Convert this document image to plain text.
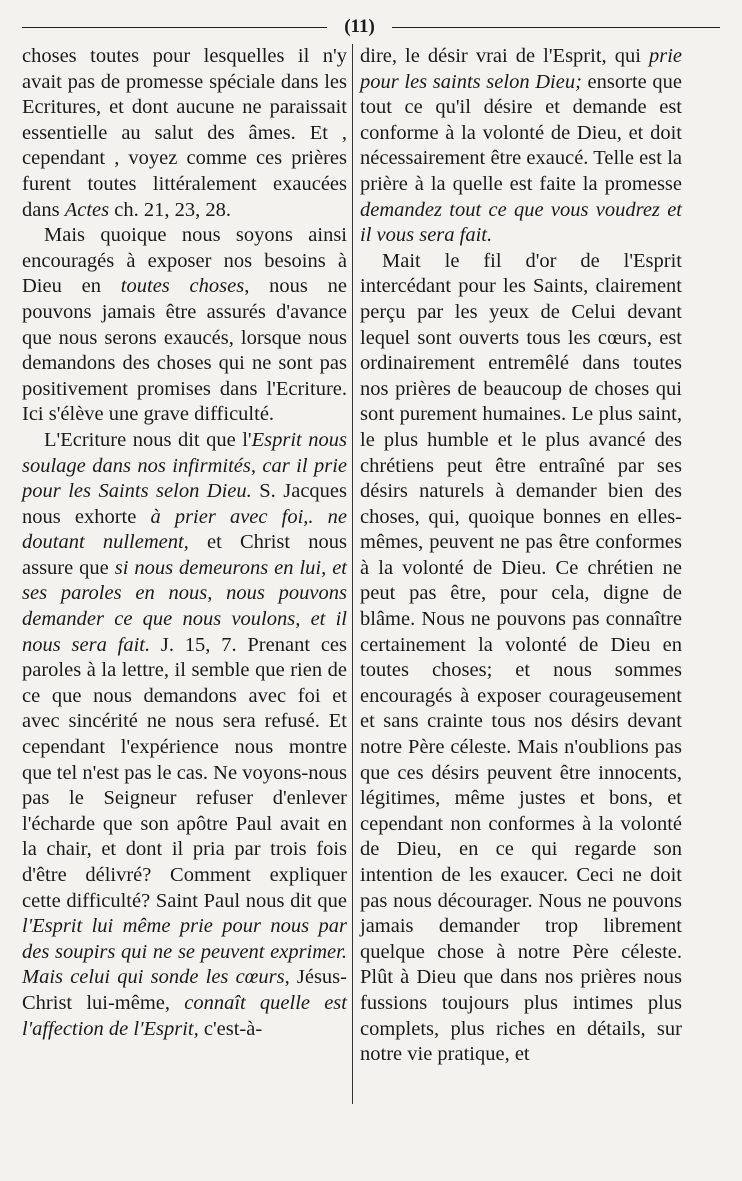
(11)

choses toutes pour lesquelles il n'y avait pas de promesse spéciale dans les Ecritures, et dont aucune ne paraissait essentielle au salut des âmes. Et , cependant , voyez comme ces prières furent toutes littéralement exaucées dans Actes ch. 21, 23, 28.

Mais quoique nous soyons ainsi encouragés à exposer nos besoins à Dieu en toutes choses, nous ne pouvons jamais être assurés d'avance que nous serons exaucés, lorsque nous demandons des choses qui ne sont pas positivement promises dans l'Ecriture. Ici s'élève une grave difficulté.

L'Ecriture nous dit que l'Esprit nous soulage dans nos infirmités, car il prie pour les Saints selon Dieu. S. Jacques nous exhorte à prier avec foi,. ne doutant nullement, et Christ nous assure que si nous demeurons en lui, et ses paroles en nous, nous pouvons demander ce que nous voulons, et il nous sera fait. J. 15, 7. Prenant ces paroles à la lettre, il semble que rien de ce que nous demandons avec foi et avec sincérité ne nous sera refusé. Et cependant l'expérience nous montre que tel n'est pas le cas. Ne voyons-nous pas le Seigneur refuser d'enlever l'écharde que son apôtre Paul avait en la chair, et dont il pria par trois fois d'être délivré? Comment expliquer cette difficulté? Saint Paul nous dit que l'Esprit lui même prie pour nous par des soupirs qui ne se peuvent exprimer. Mais celui qui sonde les cœurs, Jésus-Christ lui-même, connaît quelle est l'affection de l'Esprit, c'est-à-

dire, le désir vrai de l'Esprit, qui prie pour les saints selon Dieu; ensorte que tout ce qu'il désire et demande est conforme à la volonté de Dieu, et doit nécessairement être exaucé. Telle est la prière à la quelle est faite la promesse demandez tout ce que vous voudrez et il vous sera fait.

Mait le fil d'or de l'Esprit intercédant pour les Saints, clairement perçu par les yeux de Celui devant lequel sont ouverts tous les cœurs, est ordinairement entremêlé dans toutes nos prières de beaucoup de choses qui sont purement humaines. Le plus saint, le plus humble et le plus avancé des chrétiens peut être entraîné par ses désirs naturels à demander bien des choses, qui, quoique bonnes en elles-mêmes, peuvent ne pas être conformes à la volonté de Dieu. Ce chrétien ne peut pas être, pour cela, digne de blâme. Nous ne pouvons pas connaître certainement la volonté de Dieu en toutes choses; et nous sommes encouragés à exposer courageusement et sans crainte tous nos désirs devant notre Père céleste. Mais n'oublions pas que ces désirs peuvent être innocents, légitimes, même justes et bons, et cependant non conformes à la volonté de Dieu, en ce qui regarde son intention de les exaucer. Ceci ne doit pas nous décourager. Nous ne pouvons jamais demander trop librement quelque chose à notre Père céleste. Plût à Dieu que dans nos prières nous fussions toujours plus intimes plus complets, plus riches en détails, sur notre vie pratique, et
